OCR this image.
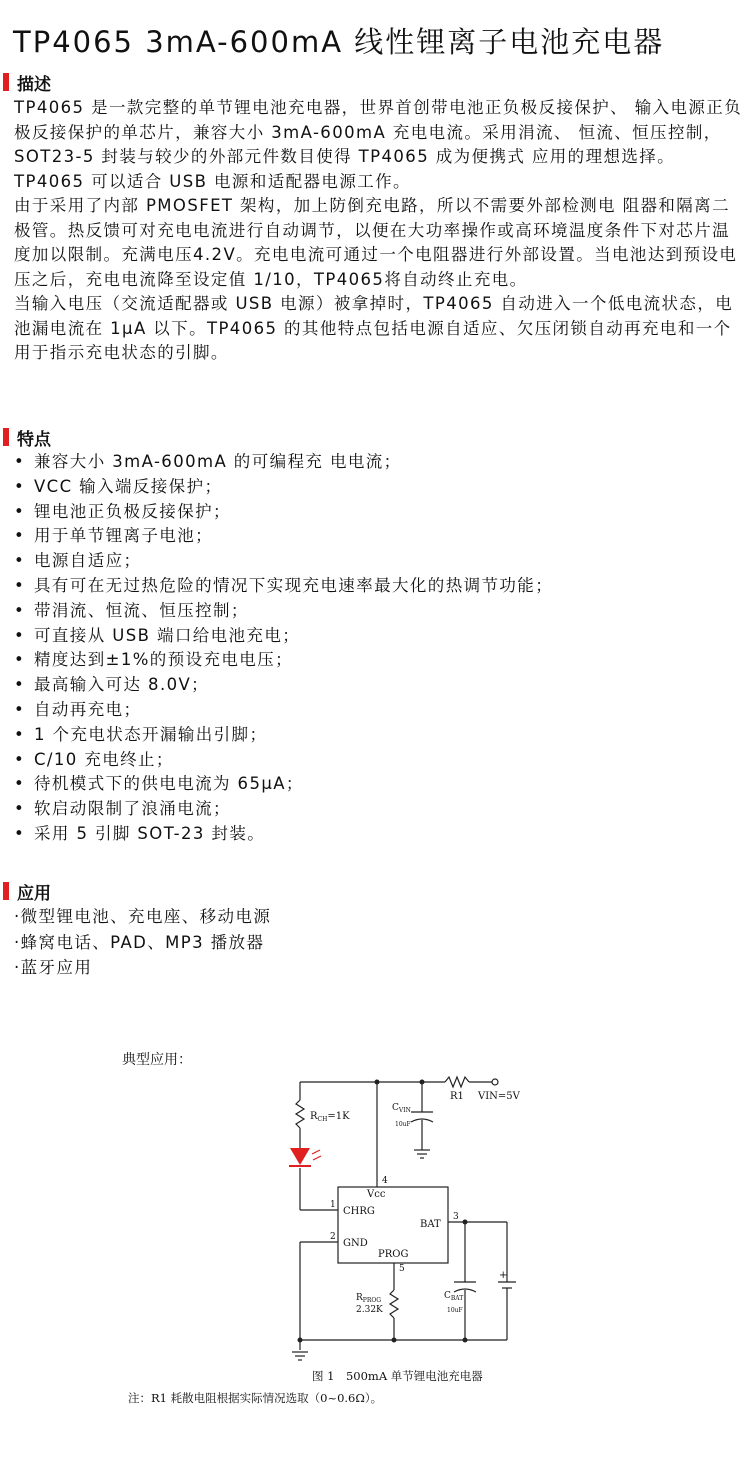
TP4065 3mA-600mA 线性锂离子电池充电器
描述

TP4065 是一款完整的单节锂电池充电器，世界首创带电池正负极反接保护、 输入电源正负极反接保护的单芯片，兼容大小 3mA-600mA 充电电流。采用涓流、 恒流、恒压控制，SOT23-5 封装与较少的外部元件数目使得 TP4065 成为便携式 应用的理想选择。TP4065 可以适合 USB 电源和适配器电源工作。

由于采用了内部 PMOSFET 架构，加上防倒充电路，所以不需要外部检测电 阻器和隔离二极管。热反馈可对充电电流进行自动调节，以便在大功率操作或高环境温度条件下对芯片温度加以限制。充满电压4.2V。充电电流可通过一个电阻器进行外部设置。当电池达到预设电压之后，充电电流降至设定值 1/10，TP4065将自动终止充电。

当输入电压（交流适配器或 USB 电源）被拿掉时，TP4065 自动进入一个低电流状态，电池漏电流在 1μA 以下。TP4065 的其他特点包括电源自适应、欠压闭锁自动再充电和一个用于指示充电状态的引脚。

特点
• 兼容大小 3mA-600mA 的可编程充 电电流；
• VCC 输入端反接保护；
• 锂电池正负极反接保护；
• 用于单节锂离子电池；
• 电源自适应；
• 具有可在无过热危险的情况下实现充电速率最大化的热调节功能；
• 带涓流、恒流、恒压控制；
• 可直接从 USB 端口给电池充电；
• 精度达到±1%的预设充电电压；
• 最高输入可达 8.0V；
• 自动再充电；
• 1 个充电状态开漏输出引脚；
• C/10 充电终止；
• 待机模式下的供电电流为 65μA；
• 软启动限制了浪涌电流；
• 采用 5 引脚 SOT-23 封装。
应用
·微型锂电池、充电座、移动电源
·蜂窝电话、PAD、MP3 播放器
·蓝牙应用
典型应用：
R1 VIN=5V
$R_{CH}=1K$
$C_{VIN}$
10uF
4
1
2
3
5
Vcc
CHRG
GND
BAT
PROG
$R_{PROG}$
2.32K
$C_{BAT}$
10uF
+
图 1　500mA 单节锂电池充电器
注：R1 耗散电阻根据实际情况选取（0~0.6Ω）。
